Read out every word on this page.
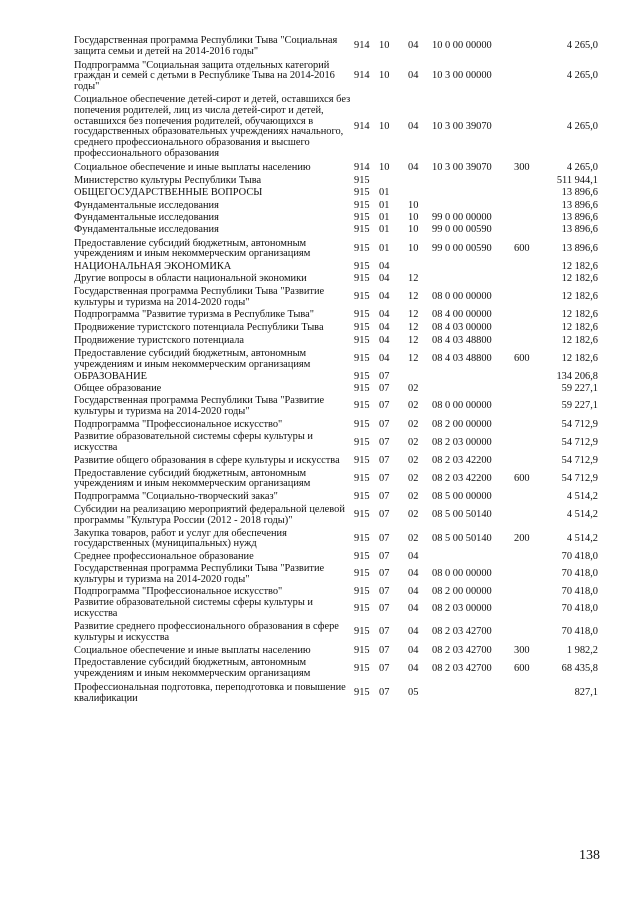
Государственная программа Республики Тыва "Социальная защита семьи и детей на 2014-2016 годы"	914	10	04	10 0 00 00000		4 265,0
Подпрограмма "Социальная защита отдельных категорий граждан и семей с детьми в Республике Тыва на 2014-2016 годы"	914	10	04	10 3 00 00000		4 265,0
Социальное обеспечение детей-сирот и детей, оставшихся без попечения родителей, лиц из числа детей-сирот и детей, оставшихся без попечения родителей, обучающихся в государственных образовательных учреждениях начального, среднего профессионального образования и высшего профессионального образования	914	10	04	10 3 00 39070		4 265,0
Социальное обеспечение и иные выплаты населению	914	10	04	10 3 00 39070	300	4 265,0
Министерство культуры Республики Тыва	915					511 944,1
ОБЩЕГОСУДАРСТВЕННЫЕ ВОПРОСЫ	915	01				13 896,6
Фундаментальные исследования	915	01	10			13 896,6
Фундаментальные исследования	915	01	10	99 0 00 00000		13 896,6
Фундаментальные исследования	915	01	10	99 0 00 00590		13 896,6
Предоставление субсидий бюджетным, автономным учреждениям и иным некоммерческим организациям	915	01	10	99 0 00 00590	600	13 896,6
НАЦИОНАЛЬНАЯ ЭКОНОМИКА	915	04				12 182,6
Другие вопросы в области национальной экономики	915	04	12			12 182,6
Государственная программа Республики Тыва "Развитие культуры и туризма на 2014-2020 годы"	915	04	12	08 0 00 00000		12 182,6
Подпрограмма "Развитие туризма в Республике Тыва"	915	04	12	08 4 00 00000		12 182,6
Продвижение туристского потенциала Республики Тыва	915	04	12	08 4 03 00000		12 182,6
Продвижение туристского потенциала	915	04	12	08 4 03 48800		12 182,6
Предоставление субсидий бюджетным, автономным учреждениям и иным некоммерческим организациям	915	04	12	08 4 03 48800	600	12 182,6
ОБРАЗОВАНИЕ	915	07				134 206,8
Общее образование	915	07	02			59 227,1
Государственная программа Республики Тыва "Развитие культуры и туризма на 2014-2020 годы"	915	07	02	08 0 00 00000		59 227,1
Подпрограмма "Профессиональное искусство"	915	07	02	08 2 00 00000		54 712,9
Развитие образовательной системы сферы культуры и искусства	915	07	02	08 2 03 00000		54 712,9
Развитие общего образования в сфере культуры и искусства	915	07	02	08 2 03 42200		54 712,9
Предоставление субсидий бюджетным, автономным учреждениям и иным некоммерческим организациям	915	07	02	08 2 03 42200	600	54 712,9
Подпрограмма "Социально-творческий заказ"	915	07	02	08 5 00 00000		4 514,2
Субсидии на реализацию мероприятий федеральной целевой программы "Культура России (2012 - 2018 годы)"	915	07	02	08 5 00 50140		4 514,2
Закупка товаров, работ и услуг для обеспечения государственных (муниципальных) нужд	915	07	02	08 5 00 50140	200	4 514,2
Среднее профессиональное образование	915	07	04			70 418,0
Государственная программа Республики Тыва "Развитие культуры и туризма на 2014-2020 годы"	915	07	04	08 0 00 00000		70 418,0
Подпрограмма "Профессиональное искусство"	915	07	04	08 2 00 00000		70 418,0
Развитие образовательной системы сферы культуры и искусства	915	07	04	08 2 03 00000		70 418,0
Развитие среднего профессионального образования в сфере культуры и искусства	915	07	04	08 2 03 42700		70 418,0
Социальное обеспечение и иные выплаты населению	915	07	04	08 2 03 42700	300	1 982,2
Предоставление субсидий бюджетным, автономным учреждениям и иным некоммерческим организациям	915	07	04	08 2 03 42700	600	68 435,8
Профессиональная подготовка, переподготовка и повышение квалификации	915	07	05			827,1
138
